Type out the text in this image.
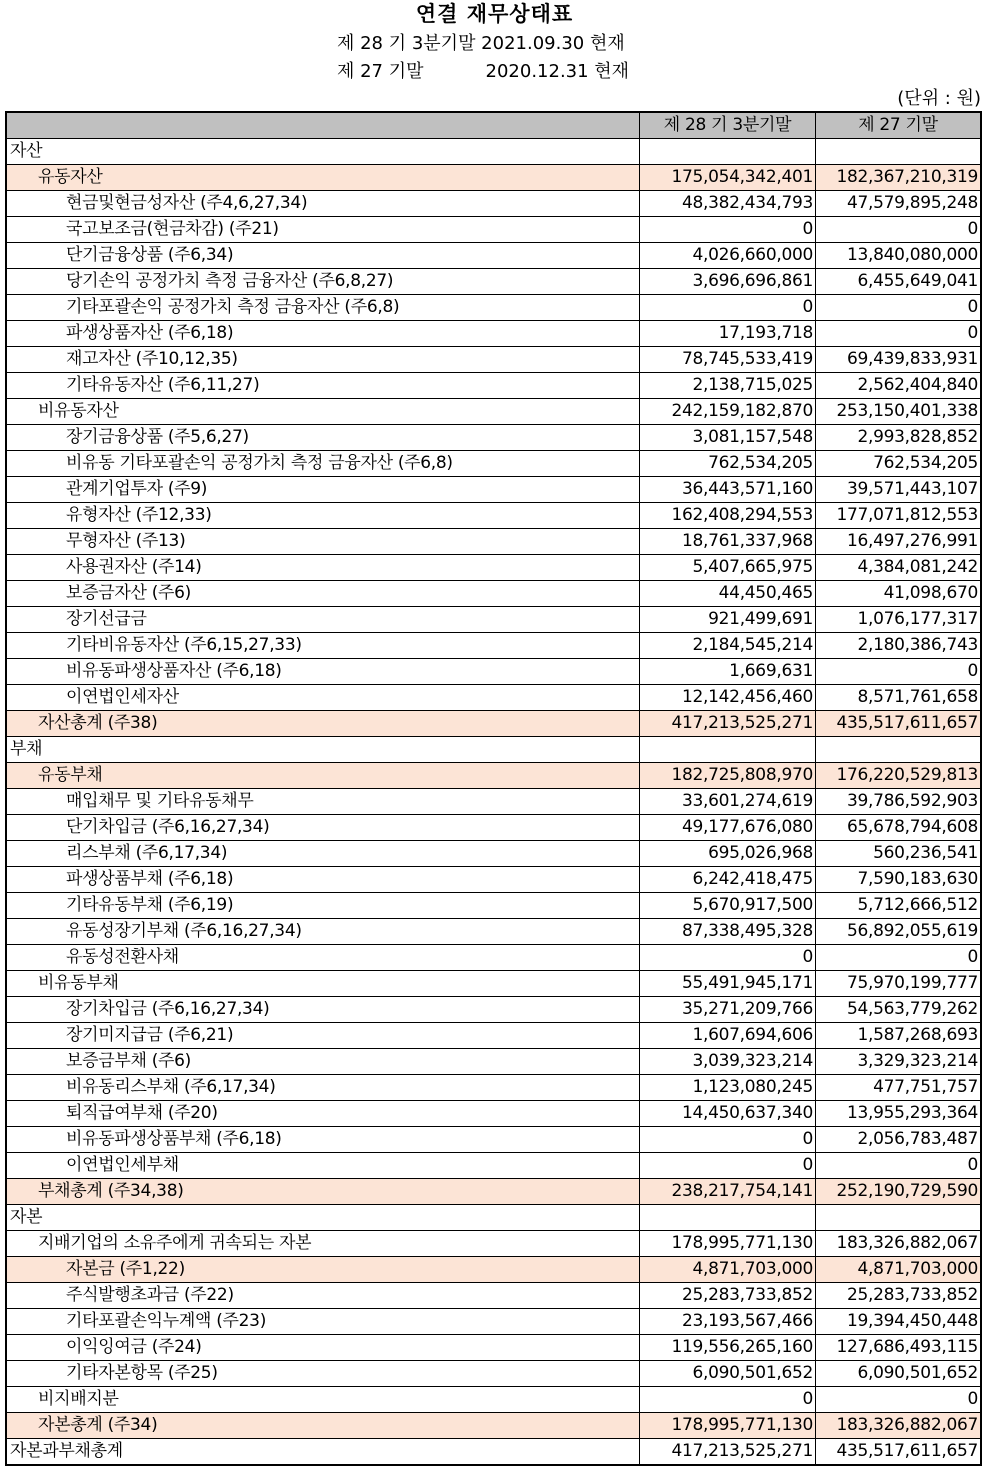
연결 재무상태표
제 28 기 3분기말 2021.09.30 현재
제 27 기말	2020.12.31 현재
(단위 : 원)
	제 28 기 3분기말	제 27 기말
자산		
유동자산	175,054,342,401	182,367,210,319
현금및현금성자산 (주4,6,27,34)	48,382,434,793	47,579,895,248
국고보조금(현금차감) (주21)	0	0
단기금융상품 (주6,34)	4,026,660,000	13,840,080,000
당기손익 공정가치 측정 금융자산 (주6,8,27)	3,696,696,861	6,455,649,041
기타포괄손익 공정가치 측정 금융자산 (주6,8)	0	0
파생상품자산 (주6,18)	17,193,718	0
재고자산 (주10,12,35)	78,745,533,419	69,439,833,931
기타유동자산 (주6,11,27)	2,138,715,025	2,562,404,840
비유동자산	242,159,182,870	253,150,401,338
장기금융상품 (주5,6,27)	3,081,157,548	2,993,828,852
비유동 기타포괄손익 공정가치 측정 금융자산 (주6,8)	762,534,205	762,534,205
관계기업투자 (주9)	36,443,571,160	39,571,443,107
유형자산 (주12,33)	162,408,294,553	177,071,812,553
무형자산 (주13)	18,761,337,968	16,497,276,991
사용권자산 (주14)	5,407,665,975	4,384,081,242
보증금자산 (주6)	44,450,465	41,098,670
장기선급금	921,499,691	1,076,177,317
기타비유동자산 (주6,15,27,33)	2,184,545,214	2,180,386,743
비유동파생상품자산 (주6,18)	1,669,631	0
이연법인세자산	12,142,456,460	8,571,761,658
자산총계 (주38)	417,213,525,271	435,517,611,657
부채		
유동부채	182,725,808,970	176,220,529,813
매입채무 및 기타유동채무	33,601,274,619	39,786,592,903
단기차입금 (주6,16,27,34)	49,177,676,080	65,678,794,608
리스부채 (주6,17,34)	695,026,968	560,236,541
파생상품부채 (주6,18)	6,242,418,475	7,590,183,630
기타유동부채 (주6,19)	5,670,917,500	5,712,666,512
유동성장기부채 (주6,16,27,34)	87,338,495,328	56,892,055,619
유동성전환사채	0	0
비유동부채	55,491,945,171	75,970,199,777
장기차입금 (주6,16,27,34)	35,271,209,766	54,563,779,262
장기미지급금 (주6,21)	1,607,694,606	1,587,268,693
보증금부채 (주6)	3,039,323,214	3,329,323,214
비유동리스부채 (주6,17,34)	1,123,080,245	477,751,757
퇴직급여부채 (주20)	14,450,637,340	13,955,293,364
비유동파생상품부채 (주6,18)	0	2,056,783,487
이연법인세부채	0	0
부채총계 (주34,38)	238,217,754,141	252,190,729,590
자본		
지배기업의 소유주에게 귀속되는 자본	178,995,771,130	183,326,882,067
자본금 (주1,22)	4,871,703,000	4,871,703,000
주식발행초과금 (주22)	25,283,733,852	25,283,733,852
기타포괄손익누계액 (주23)	23,193,567,466	19,394,450,448
이익잉여금 (주24)	119,556,265,160	127,686,493,115
기타자본항목 (주25)	6,090,501,652	6,090,501,652
비지배지분	0	0
자본총계 (주34)	178,995,771,130	183,326,882,067
자본과부채총계	417,213,525,271	435,517,611,657
